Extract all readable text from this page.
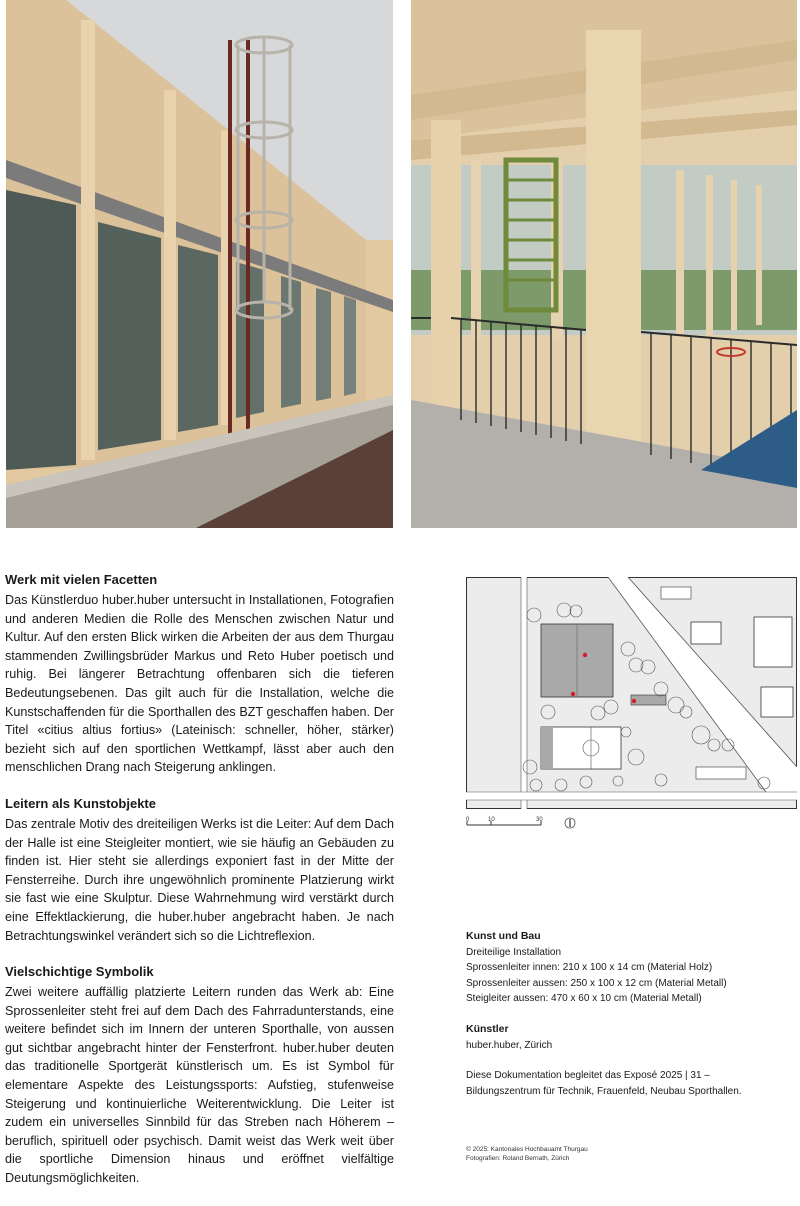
Werk mit vielen Facetten

Das Künstlerduo huber.huber untersucht in Installationen, Fotografien und anderen Medien die Rolle des Menschen zwischen Natur und Kultur. Auf den ersten Blick wirken die Arbeiten der aus dem Thurgau stammenden Zwillingsbrüder Markus und Reto Huber poetisch und ruhig. Bei längerer Betrachtung offenbaren sich die tieferen Bedeutungsebenen. Das gilt auch für die Installation, welche die Kunstschaffenden für die Sporthallen des BZT geschaffen haben. Der Titel «citius altius fortius» (Lateinisch: schneller, höher, stärker) bezieht sich auf den sportlichen Wettkampf, lässt aber auch den menschlichen Drang nach Steigerung anklingen.

Leitern als Kunstobjekte

Das zentrale Motiv des dreiteiligen Werks ist die Leiter: Auf dem Dach der Halle ist eine Steigleiter montiert, wie sie häufig an Gebäuden zu finden ist. Hier steht sie allerdings exponiert fast in der Mitte der Fensterreihe. Durch ihre ungewöhnlich prominente Platzierung wirkt sie fast wie eine Skulptur. Diese Wahrnehmung wird verstärkt durch eine Effektlackierung, die huber.huber angebracht haben. Je nach Betrachtungswinkel verändert sich so die Lichtreflexion.

Vielschichtige Symbolik

Zwei weitere auffällig platzierte Leitern runden das Werk ab: Eine Sprossenleiter steht frei auf dem Dach des Fahrradunterstands, eine weitere befindet sich im Innern der unteren Sporthalle, von aussen gut sichtbar angebracht hinter der Fensterfront. huber.huber deuten das traditionelle Sportgerät künstlerisch um. Es ist Symbol für elementare Aspekte des Leistungssports: Aufstieg, stufenweise Steigerung und kontinuierliche Weiterentwicklung. Die Leiter ist zudem ein universelles Sinnbild für das Streben nach Höherem – beruflich, spirituell oder psychisch. Damit weist das Werk weit über die sportliche Dimension hinaus und eröffnet vielfältige Deutungsmöglichkeiten.

0	10	30
Kunst und Bau
Dreiteilige Installation
Sprossenleiter innen: 210 x 100 x 14 cm (Material Holz)
Sprossenleiter aussen: 250 x 100 x 12 cm (Material Metall)
Steigleiter aussen: 470 x 60 x 10 cm (Material Metall)
Künstler
huber.huber, Zürich
Diese Dokumentation begleitet das Exposé 2025 | 31 –
Bildungszentrum für Technik, Frauenfeld, Neubau Sporthallen.
© 2025: Kantonales Hochbauamt Thurgau
Fotografien: Roland Bernath, Zürich
